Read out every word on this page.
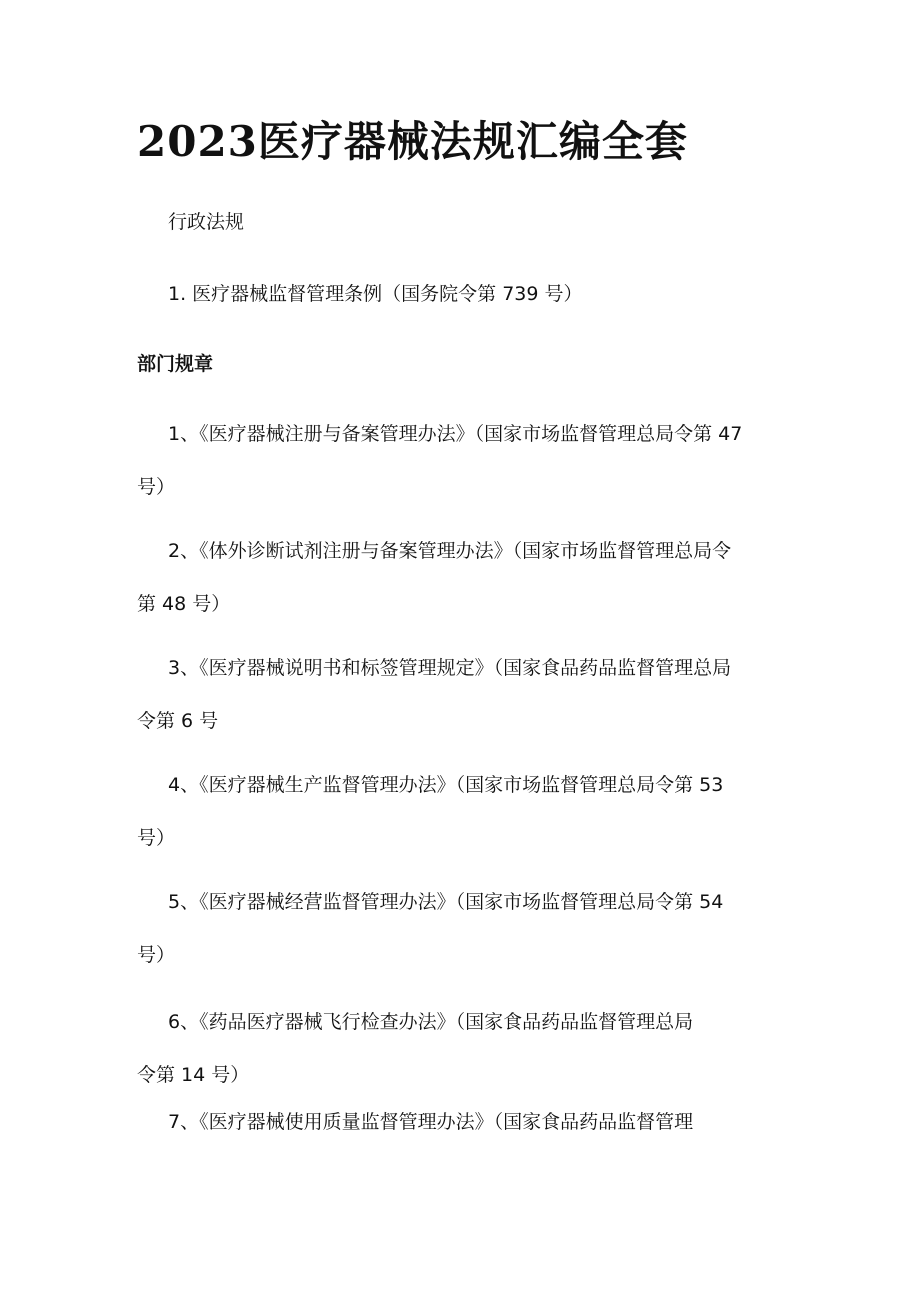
2023医疗器械法规汇编全套

行政法规

1. 医疗器械监督管理条例（国务院令第 739 号）

部门规章

1、《医疗器械注册与备案管理办法》（国家市场监督管理总局令第 47
号）

2、《体外诊断试剂注册与备案管理办法》（国家市场监督管理总局令
第 48 号）

3、《医疗器械说明书和标签管理规定》（国家食品药品监督管理总局
令第 6 号

4、《医疗器械生产监督管理办法》（国家市场监督管理总局令第 53
号）

5、《医疗器械经营监督管理办法》（国家市场监督管理总局令第 54
号）

6、《药品医疗器械飞行检查办法》（国家食品药品监督管理总局
令第 14 号）

7、《医疗器械使用质量监督管理办法》（国家食品药品监督管理
